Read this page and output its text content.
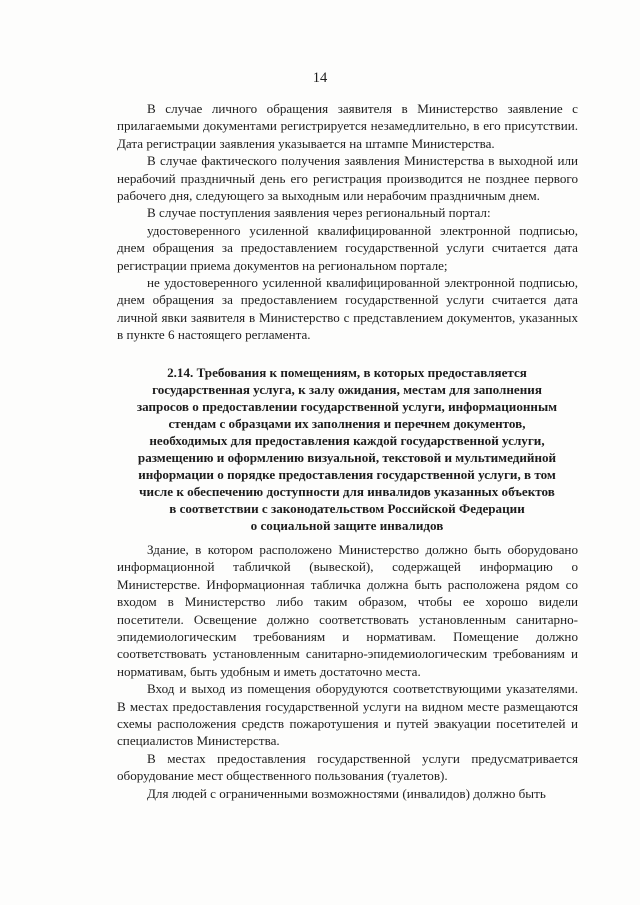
14

В случае личного обращения заявителя в Министерство заявление с прилагаемыми документами регистрируется незамедлительно, в его присутствии. Дата регистрации заявления указывается на штампе Министерства.

В случае фактического получения заявления Министерства в выходной или нерабочий праздничный день его регистрация производится не позднее первого рабочего дня, следующего за выходным или нерабочим праздничным днем.

В случае поступления заявления через региональный портал:

удостоверенного усиленной квалифицированной электронной подписью, днем обращения за предоставлением государственной услуги считается дата регистрации приема документов на региональном портале;

не удостоверенного усиленной квалифицированной электронной подписью, днем обращения за предоставлением государственной услуги считается дата личной явки заявителя в Министерство с представлением документов, указанных в пункте 6 настоящего регламента.

2.14. Требования к помещениям, в которых предоставляется
государственная услуга, к залу ожидания, местам для заполнения
запросов о предоставлении государственной услуги, информационным
стендам с образцами их заполнения и перечнем документов,
необходимых для предоставления каждой государственной услуги,
размещению и оформлению визуальной, текстовой и мультимедийной
информации о порядке предоставления государственной услуги, в том
числе к обеспечению доступности для инвалидов указанных объектов
в соответствии с законодательством Российской Федерации
о социальной защите инвалидов

Здание, в котором расположено Министерство должно быть оборудовано информационной табличкой (вывеской), содержащей информацию о Министерстве. Информационная табличка должна быть расположена рядом со входом в Министерство либо таким образом, чтобы ее хорошо видели посетители. Освещение должно соответствовать установленным санитарно-эпидемиологическим требованиям и нормативам. Помещение должно соответствовать установленным санитарно-эпидемиологическим требованиям и нормативам, быть удобным и иметь достаточно места.

Вход и выход из помещения оборудуются соответствующими указателями. В местах предоставления государственной услуги на видном месте размещаются схемы расположения средств пожаротушения и путей эвакуации посетителей и специалистов Министерства.

В местах предоставления государственной услуги предусматривается оборудование мест общественного пользования (туалетов).

Для людей с ограниченными возможностями (инвалидов) должно быть
